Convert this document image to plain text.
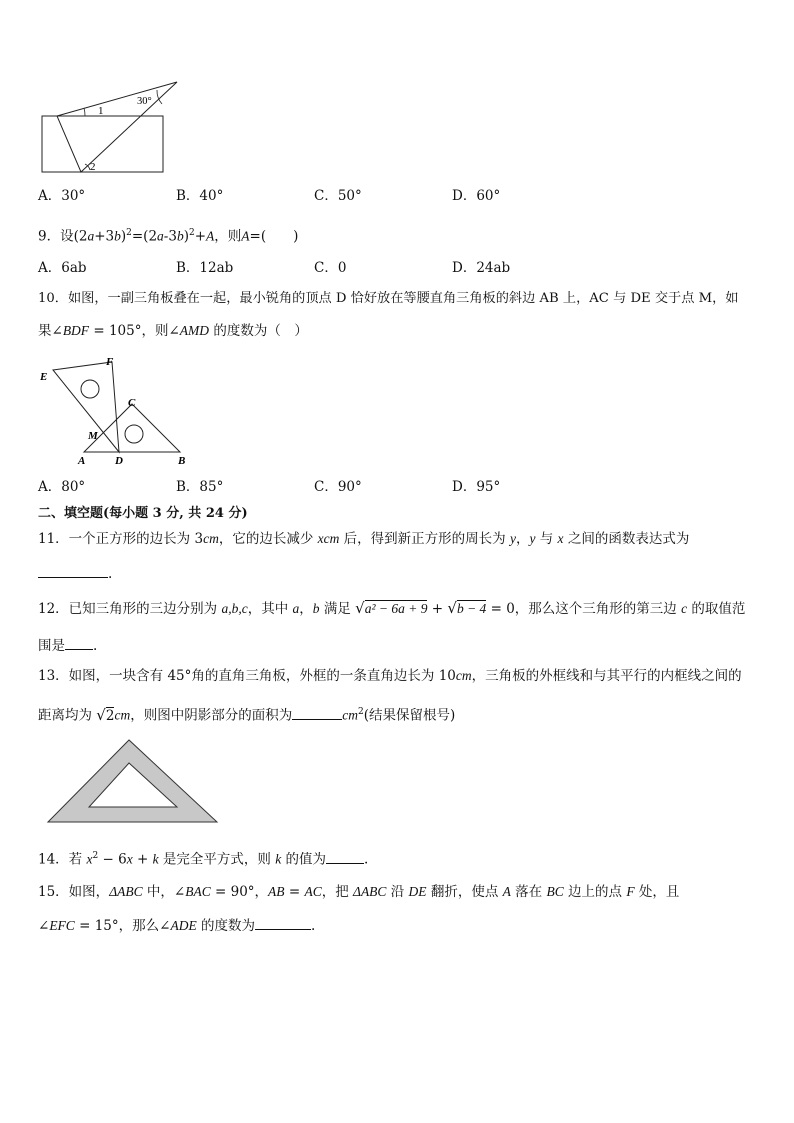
1
2
30°
A．30°	B．40°	C．50°	D．60°
9．设$(2a+3b)^2=(2a-3b)^2+A$，则A=(　　)
A．6ab	B．12ab	C．0	D．24ab
10．如图，一副三角板叠在一起，最小锐角的顶点 D 恰好放在等腰直角三角板的斜边 AB 上，AC 与 DE 交于点 M，如
果∠BDF = 105°，则∠AMD 的度数为（　）
E
F
C
M
A	D	B
A．80°	B．85°	C．90°	D．95°
二、填空题(每小题 3 分, 共 24 分)
11．一个正方形的边长为 3cm，它的边长减少 xcm 后，得到新正方形的周长为 y，y 与 x 之间的函数表达式为
.
12．已知三角形的三边分别为 a,b,c，其中 a，b 满足 √a² − 6a + 9 + √b − 4 = 0，那么这个三角形的第三边 c 的取值范
围是 .
13．如图，一块含有 45°角的直角三角板，外框的一条直角边长为 10cm，三角板的外框线和与其平行的内框线之间的
距离均为 √2cm，则图中阴影部分的面积为	$cm^2$(结果保留根号)
14．若 $x^2 - 6x + k$ 是完全平方式，则 k 的值为	.
15．如图，ΔABC 中，∠BAC = 90°，AB = AC，把 ΔABC 沿 DE 翻折，使点 A 落在 BC 边上的点 F 处，且
∠EFC = 15°，那么∠ADE 的度数为	.
